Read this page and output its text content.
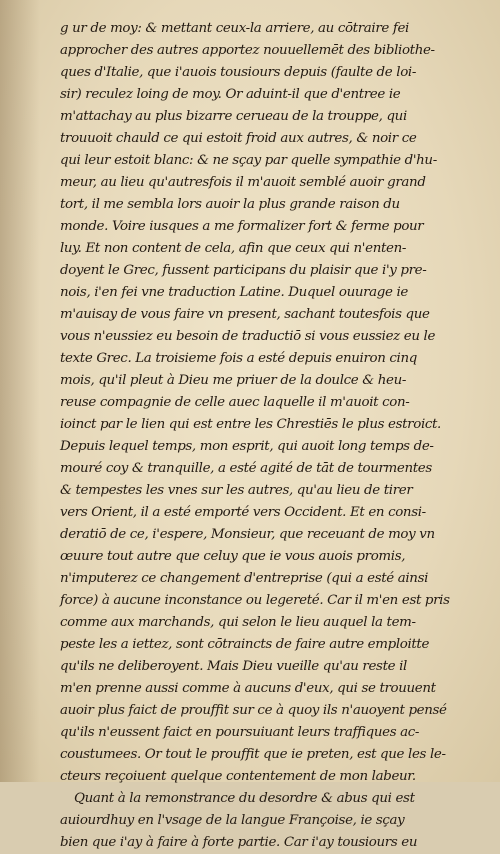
g ur de moy: & mettant ceux-la arriere, au cōtraire fei
approcher des autres apportez nouuellemēt des bibliothe-
ques d'Italie, que i'auois tousiours depuis (faulte de loi-
sir) reculez loing de moy. Or aduint-il que d'entree ie
m'attachay au plus bizarre cerueau de la trouppe, qui
trouuoit chauld ce qui estoit froid aux autres, & noir ce
qui leur estoit blanc: & ne sçay par quelle sympathie d'hu-
meur, au lieu qu'autresfois il m'auoit semblé auoir grand
tort, il me sembla lors auoir la plus grande raison du
monde. Voire iusques a me formalizer fort & ferme pour
luy. Et non content de cela, afin que ceux qui n'enten-
doyent le Grec, fussent participans du plaisir que i'y pre-
nois, i'en fei vne traduction Latine. Duquel ouurage ie
m'auisay de vous faire vn present, sachant toutesfois que
vous n'eussiez eu besoin de traductiō si vous eussiez eu le
texte Grec. La troisieme fois a esté depuis enuiron cinq
mois, qu'il pleut à Dieu me priuer de la doulce & heu-
reuse compagnie de celle auec laquelle il m'auoit con-
ioinct par le lien qui est entre les Chrestiēs le plus estroict.
Depuis lequel temps, mon esprit, qui auoit long temps de-
mouré coy & tranquille, a esté agité de tāt de tourmentes
& tempestes les vnes sur les autres, qu'au lieu de tirer
vers Orient, il a esté emporté vers Occident. Et en consi-
deratiō de ce, i'espere, Monsieur, que receuant de moy vn
œuure tout autre que celuy que ie vous auois promis,
n'imputerez ce changement d'entreprise (qui a esté ainsi
force) à aucune inconstance ou legereté. Car il m'en est pris
comme aux marchands, qui selon le lieu auquel la tem-
peste les a iettez, sont cōtraincts de faire autre emploitte
qu'ils ne deliberoyent. Mais Dieu vueille qu'au reste il
m'en prenne aussi comme à aucuns d'eux, qui se trouuent
auoir plus faict de prouffit sur ce à quoy ils n'auoyent pensé
qu'ils n'eussent faict en poursuiuant leurs traffiques ac-
coustumees. Or tout le prouffit que ie preten, est que les le-
cteurs reçoiuent quelque contentement de mon labeur.
Quant à la remonstrance du desordre & abus qui est
auiourdhuy en l'vsage de la langue Françoise, ie sçay
bien que i'ay à faire à forte partie. Car i'ay tousiours eu
